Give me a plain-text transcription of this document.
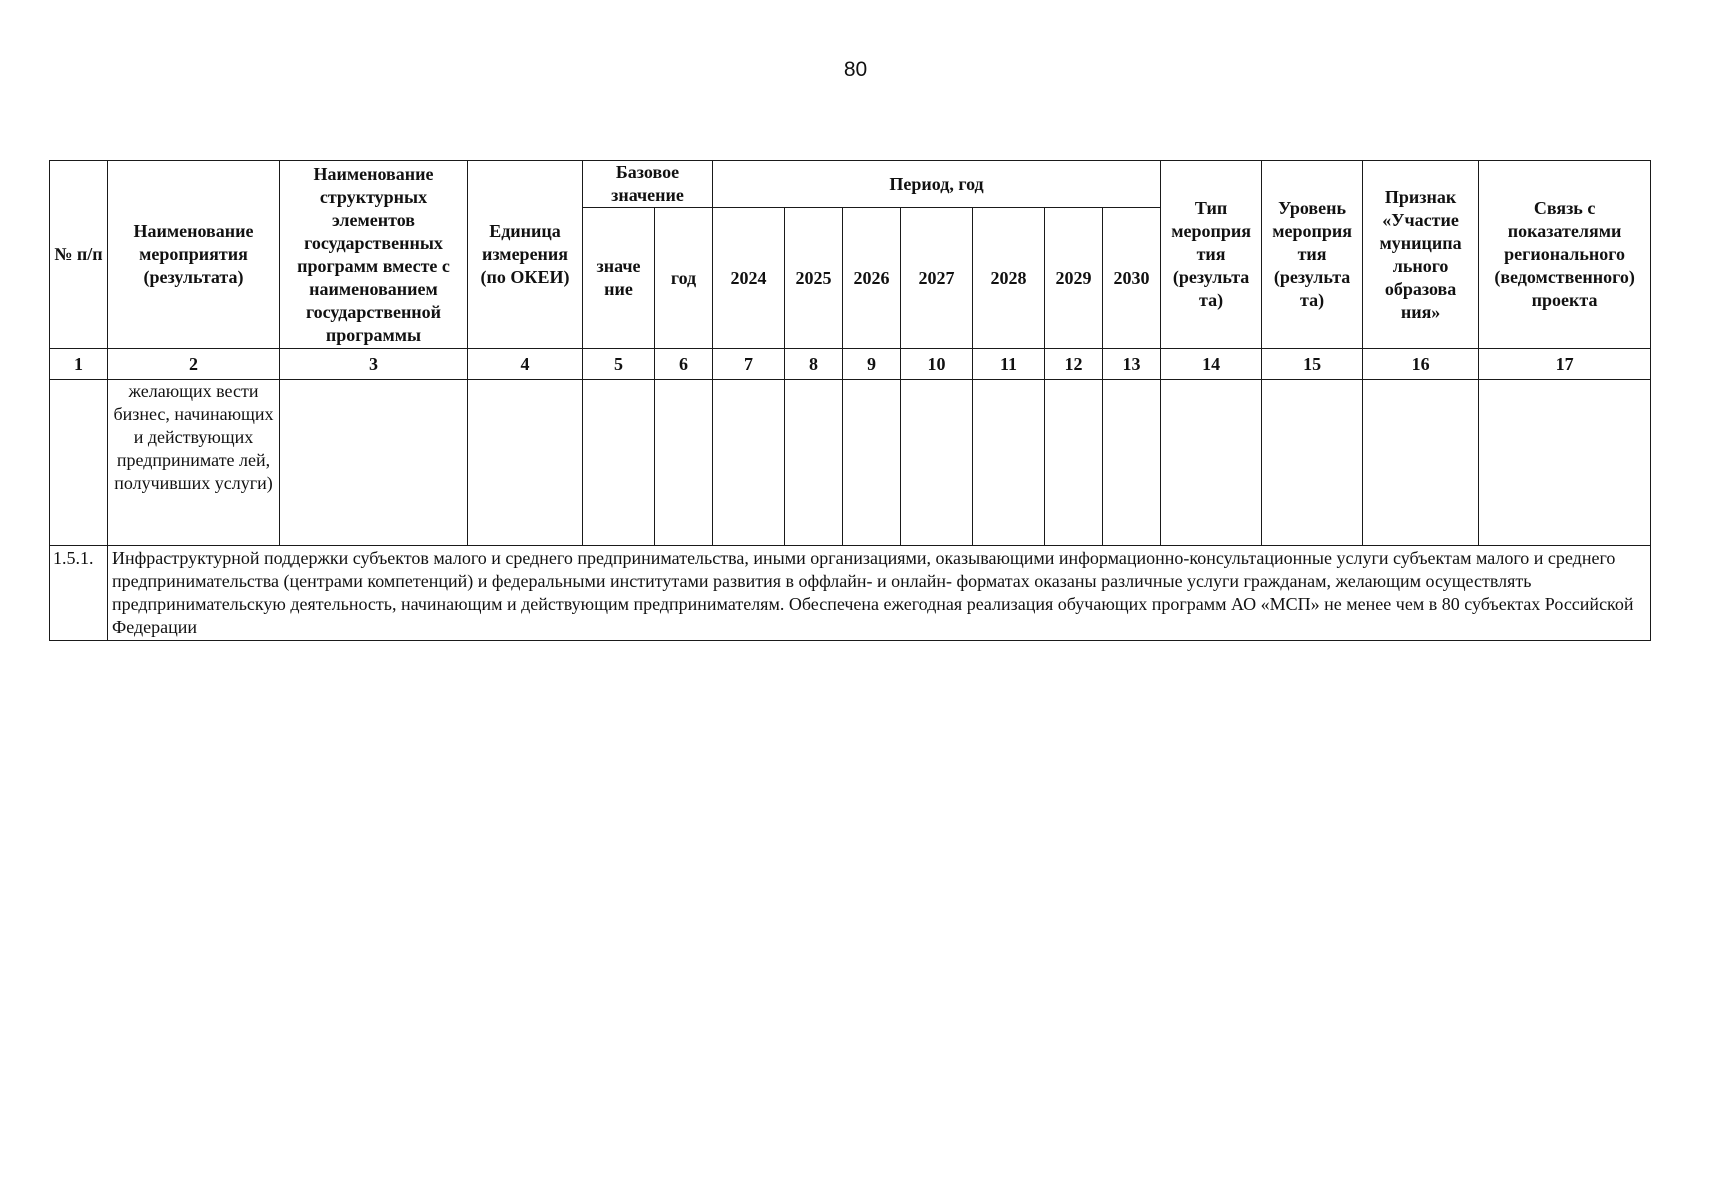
80
№ п/п	Наименование мероприятия (результата)	Наименование структурных элементов государственных программ вместе с наименованием государственной программы	Единица измерения (по ОКЕИ)	Базовое значение		Период, год							Тип мероприя тия (результа та)	Уровень мероприя тия (результа та)	Признак «Участие муниципа льного образова ния»	Связь с показателями регионального (ведомственного) проекта
				значе ние	год	2024	2025	2026	2027	2028	2029	2030				
1	2	3	4	5	6	7	8	9	10	11	12	13	14	15	16	17
	желающих вести бизнес, начинающих и действующих предпринимате лей, получивших услуги)															
1.5.1.	Инфраструктурной поддержки субъектов малого и среднего предпринимательства, иными организациями, оказывающими информационно-консультационные услуги субъектам малого и среднего предпринимательства (центрами компетенций) и федеральными институтами развития в оффлайн- и онлайн- форматах оказаны различные услуги гражданам, желающим осуществлять предпринимательскую деятельность, начинающим и действующим предпринимателям. Обеспечена ежегодная реализация обучающих программ АО «МСП» не менее чем в 80 субъектах Российской Федерации															
